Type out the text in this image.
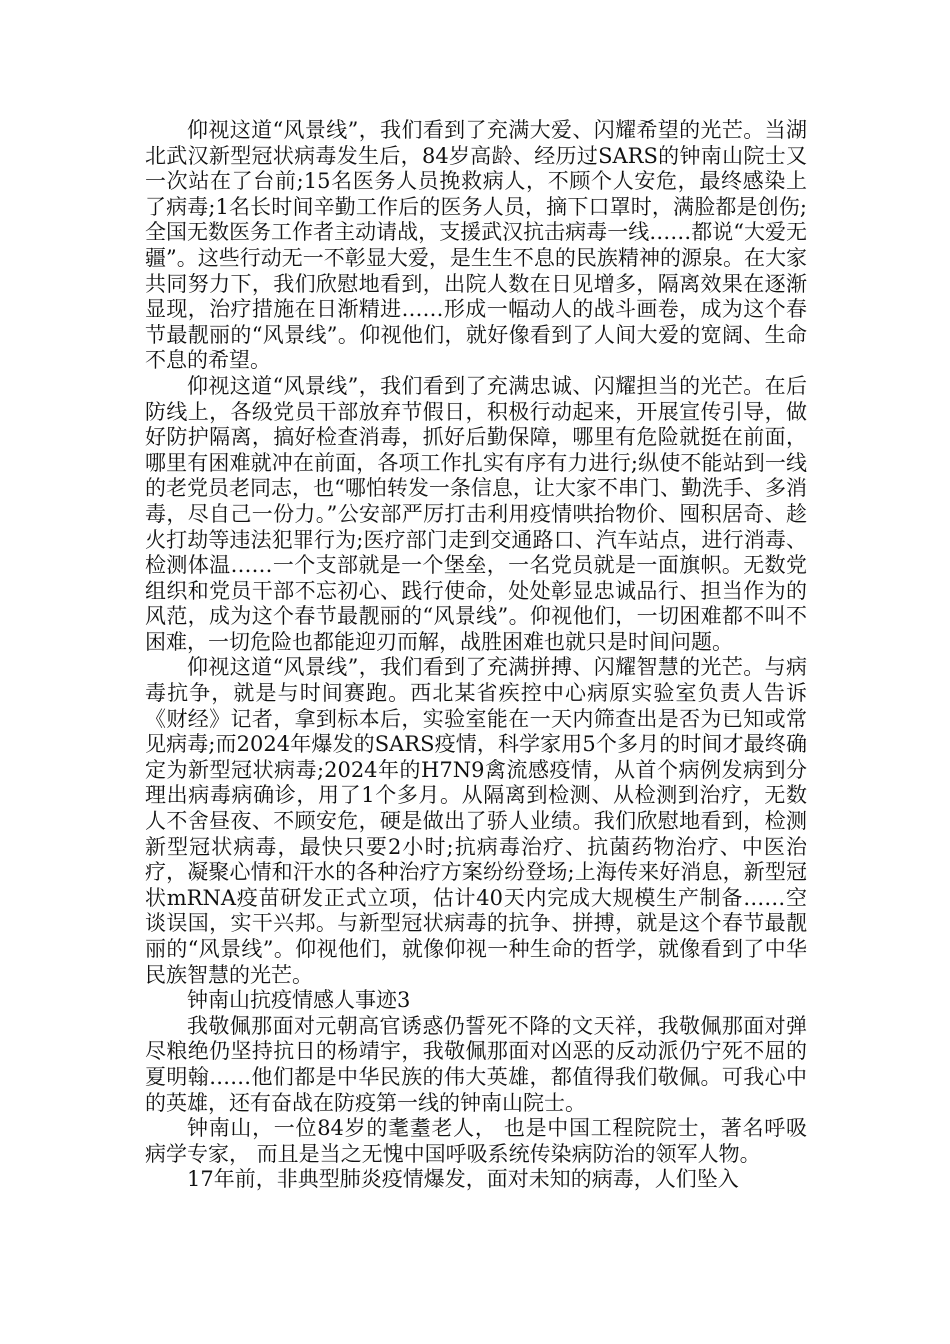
仰视这道“风景线”，我们看到了充满大爱、闪耀希望的光芒。当湖北武汉新型冠状病毒发生后，84岁高龄、经历过SARS的钟南山院士又一次站在了台前;15名医务人员挽救病人，不顾个人安危，最终感染上了病毒;1名长时间辛勤工作后的医务人员，摘下口罩时，满脸都是创伤;全国无数医务工作者主动请战，支援武汉抗击病毒一线……都说“大爱无疆”。这些行动无一不彰显大爱，是生生不息的民族精神的源泉。在大家共同努力下，我们欣慰地看到，出院人数在日见增多，隔离效果在逐渐显现，治疗措施在日渐精进……形成一幅动人的战斗画卷，成为这个春节最靓丽的“风景线”。仰视他们，就好像看到了人间大爱的宽阔、生命不息的希望。

仰视这道“风景线”，我们看到了充满忠诚、闪耀担当的光芒。在后防线上，各级党员干部放弃节假日，积极行动起来，开展宣传引导，做好防护隔离，搞好检查消毒，抓好后勤保障，哪里有危险就挺在前面，哪里有困难就冲在前面，各项工作扎实有序有力进行;纵使不能站到一线的老党员老同志，也“哪怕转发一条信息，让大家不串门、勤洗手、多消毒，尽自己一份力。”公安部严厉打击利用疫情哄抬物价、囤积居奇、趁火打劫等违法犯罪行为;医疗部门走到交通路口、汽车站点，进行消毒、检测体温……一个支部就是一个堡垒，一名党员就是一面旗帜。无数党组织和党员干部不忘初心、践行使命，处处彰显忠诚品行、担当作为的风范，成为这个春节最靓丽的“风景线”。仰视他们，一切困难都不叫不困难，一切危险也都能迎刃而解，战胜困难也就只是时间问题。

仰视这道“风景线”，我们看到了充满拼搏、闪耀智慧的光芒。与病毒抗争，就是与时间赛跑。西北某省疾控中心病原实验室负责人告诉《财经》记者，拿到标本后，实验室能在一天内筛查出是否为已知或常见病毒;而2024年爆发的SARS疫情，科学家用5个多月的时间才最终确定为新型冠状病毒;2024年的H7N9禽流感疫情，从首个病例发病到分理出病毒病确诊，用了1个多月。从隔离到检测、从检测到治疗，无数人不舍昼夜、不顾安危，硬是做出了骄人业绩。我们欣慰地看到，检测新型冠状病毒，最快只要2小时;抗病毒治疗、抗菌药物治疗、中医治疗，凝聚心情和汗水的各种治疗方案纷纷登场;上海传来好消息，新型冠状mRNA疫苗研发正式立项，估计40天内完成大规模生产制备……空谈误国，实干兴邦。与新型冠状病毒的抗争、拼搏，就是这个春节最靓丽的“风景线”。仰视他们，就像仰视一种生命的哲学，就像看到了中华民族智慧的光芒。

钟南山抗疫情感人事迹3

我敬佩那面对元朝高官诱惑仍誓死不降的文天祥，我敬佩那面对弹尽粮绝仍坚持抗日的杨靖宇，我敬佩那面对凶恶的反动派仍宁死不屈的夏明翰……他们都是中华民族的伟大英雄，都值得我们敬佩。可我心中的英雄，还有奋战在防疫第一线的钟南山院士。

钟南山，一位84岁的耄耋老人， 也是中国工程院院士，著名呼吸病学专家， 而且是当之无愧中国呼吸系统传染病防治的领军人物。

17年前，非典型肺炎疫情爆发，面对未知的病毒，人们坠入
